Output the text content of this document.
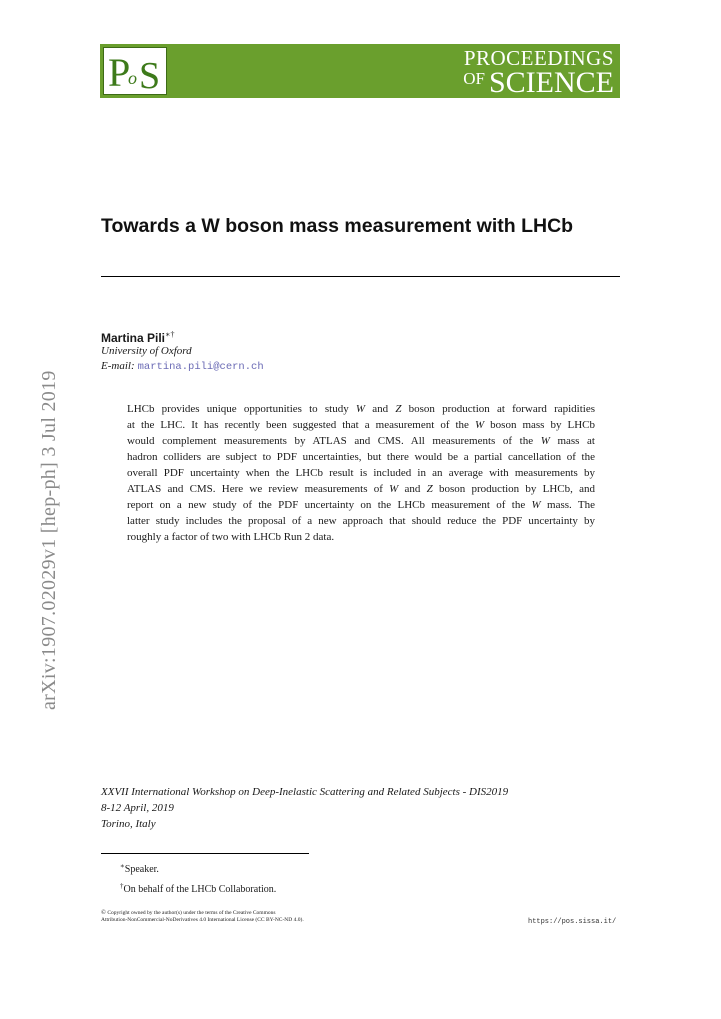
P
o S	PROCEEDINGS
OF SCIENCE
arXiv:1907.02029v1 [hep-ph] 3 Jul 2019
Towards a W boson mass measurement with LHCb
Martina Pili∗†
University of Oxford
E-mail: martina.pili@cern.ch
LHCb provides unique opportunities to study W and Z boson production at forward rapidities
at the LHC. It has recently been suggested that a measurement of the W boson mass by LHCb
would complement measurements by ATLAS and CMS. All measurements of the W mass at
hadron colliders are subject to PDF uncertainties, but there would be a partial cancellation of the
overall PDF uncertainty when the LHCb result is included in an average with measurements by
ATLAS and CMS. Here we review measurements of W and Z boson production by LHCb, and
report on a new study of the PDF uncertainty on the LHCb measurement of the W mass. The
latter study includes the proposal of a new approach that should reduce the PDF uncertainty by
roughly a factor of two with LHCb Run 2 data.
XXVII International Workshop on Deep-Inelastic Scattering and Related Subjects - DIS2019
8-12 April, 2019
Torino, Italy
∗Speaker.
†On behalf of the LHCb Collaboration.
© Copyright owned by the author(s) under the terms of the Creative Commons
Attribution-NonCommercial-NoDerivatives 4.0 International License (CC BY-NC-ND 4.0).	https://pos.sissa.it/
